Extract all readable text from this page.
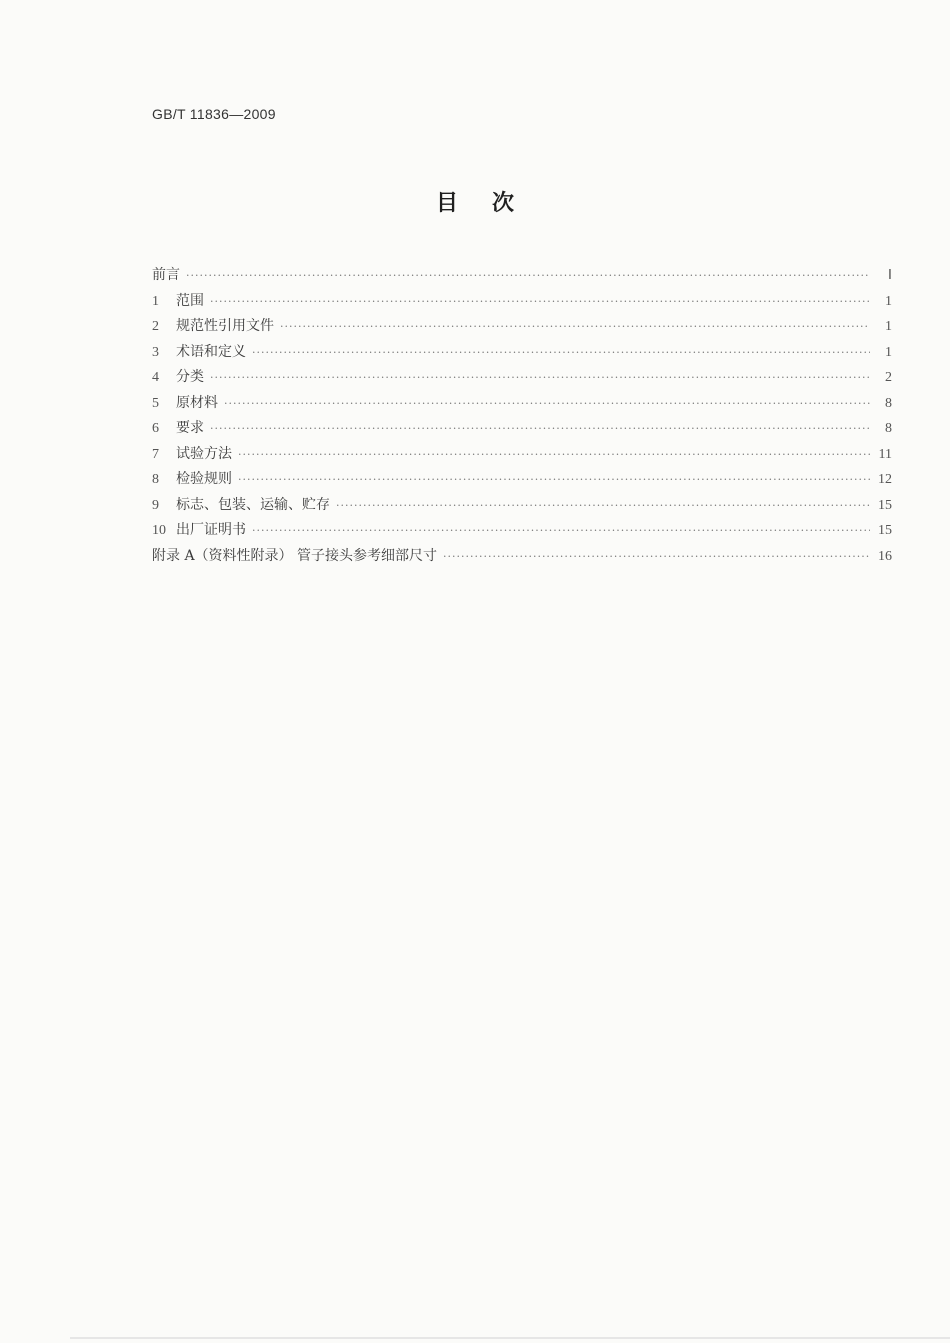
GB/T 11836—2009
目次
前言 ·····	Ⅰ
1	范围 ·····	1
2	规范性引用文件 ·····	1
3	术语和定义 ·····	1
4	分类 ·····	2
5	原材料 ·····	8
6	要求 ·····	8
7	试验方法 ·····	11
8	检验规则 ·····	12
9	标志、包装、运输、贮存 ·····	15
10 出厂证明书 ·····	15
附录 A（资料性附录） 管子接头参考细部尺寸 ·····	16
